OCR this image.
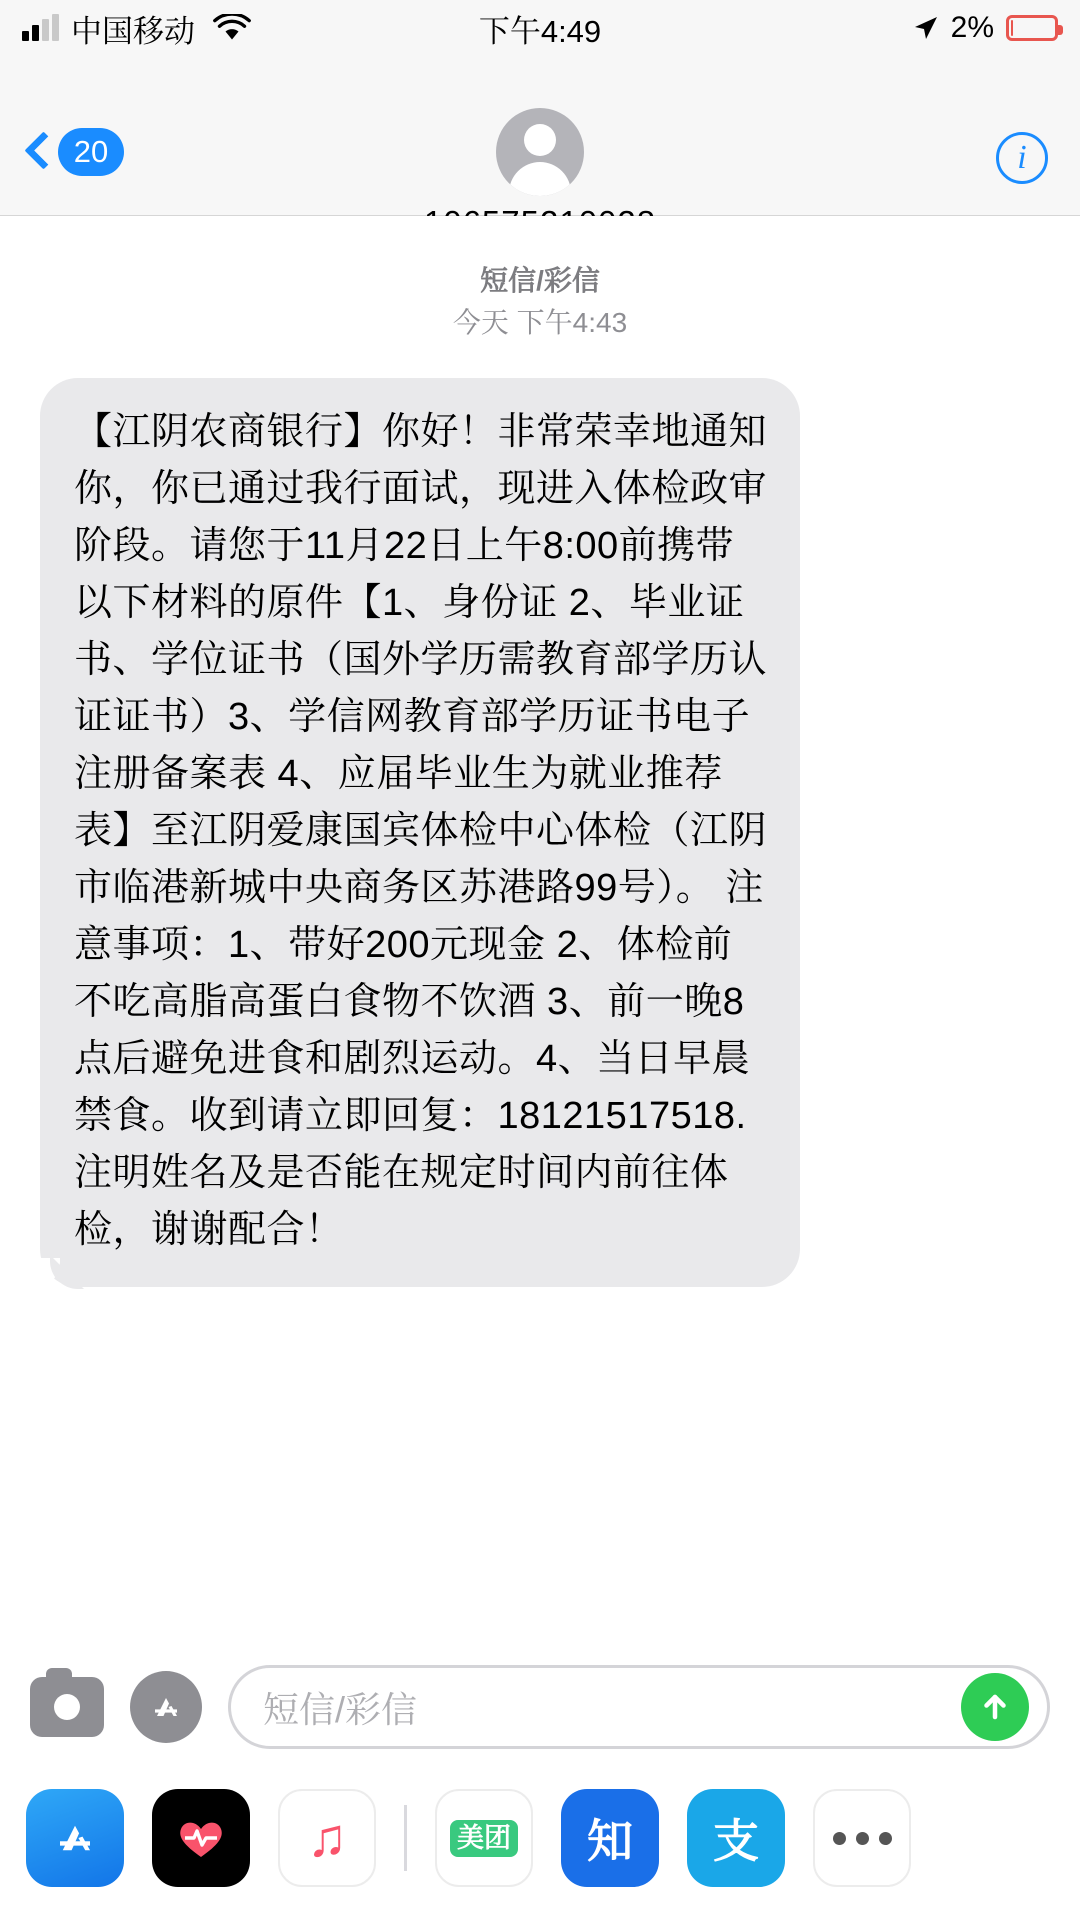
中国移动	下午4:49	2%
20	i
短信/彩信
今天 下午4:43
【江阴农商银行】你好！非常荣幸地通知你，你已通过我行面试，现进入体检政审阶段。请您于11月22日上午8:00前携带以下材料的原件【1、身份证 2、毕业证书、学位证书（国外学历需教育部学历认证证书）3、学信网教育部学历证书电子注册备案表 4、应届毕业生为就业推荐表】至江阴爱康国宾体检中心体检（江阴市临港新城中央商务区苏港路99号）。 注意事项：1、带好200元现金 2、体检前不吃高脂高蛋白食物不饮酒 3、前一晚8点后避免进食和剧烈运动。4、当日早晨禁食。收到请立即回复：18121517518.注明姓名及是否能在规定时间内前往体检，谢谢配合！
短信/彩信
♫	美团 知 支
